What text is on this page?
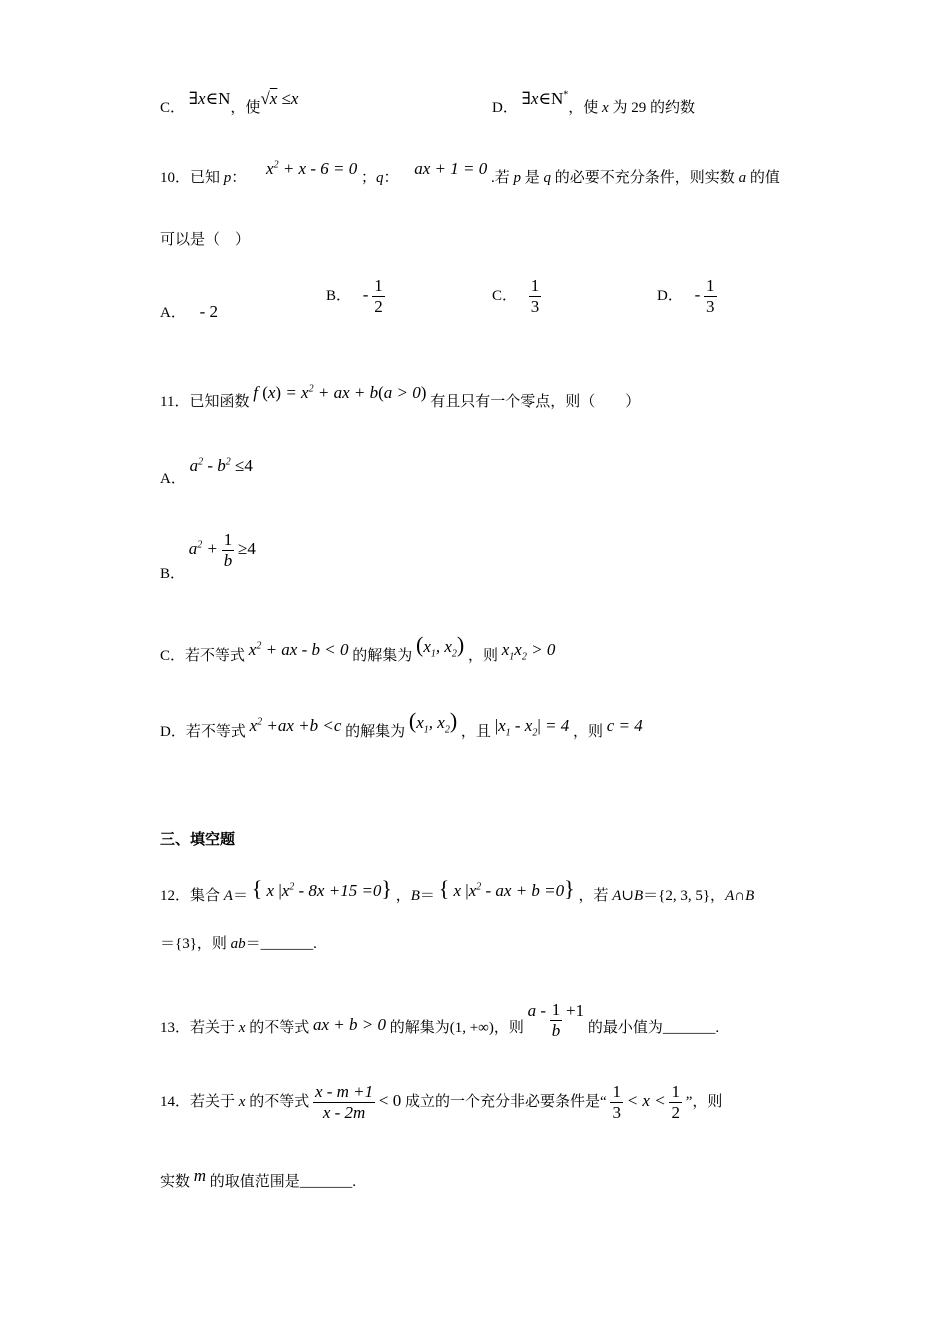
C． ∃x∈N，使√x ≤x	D． ∃x∈N*，使 x 为 29 的约数
10．已知 p： $x^2 + x - 6 = 0$ ；q： ax + 1 = 0 .若 p 是 q 的必要不充分条件，则实数 a 的值
可以是（　）
A． - 2
B． - $\frac{1}{2}$	C． $\frac{1}{3}$	D． - $\frac{1}{3}$
11．已知函数 f $(x) = x^2$ + ax + b(a > 0) 有且只有一个零点，则（　　）
A． $a^2 - b^2 \le 4$
B． $a^2 + \frac{1}{b} \ge 4$
C．若不等式 $x^2$ + ax - b < 0 的解集为 ($x_1$, $x_2$) ，则 $x_1x_2 > 0$
D．若不等式 $x^2 +ax +b <c$ 的解集为 ($x_1$, $x_2$) ，且 $|x_1 - x_2| = 4$ ，则 c = 4
三、填空题
12．集合 A＝ { x $|x^2 - 8x +15 =0$} ，B＝ { x $|x^2$ - ax + b =0} ，若 A∪B＝{2, 3, 5}，A∩B
＝{3}，则 ab＝_______.
13．若关于 x 的不等式 ax + b > 0 的解集为(1, +∞)，则 $a - \frac{1}{b} +1$ 的最小值为_______.
14．若关于 x 的不等式 $\frac{x - m +1}{x - 2m} < 0$ 成立的一个充分非必要条件是“ $\frac{1}{3} < x < \frac{1}{2}$ ”，则
实数 m 的取值范围是_______.
